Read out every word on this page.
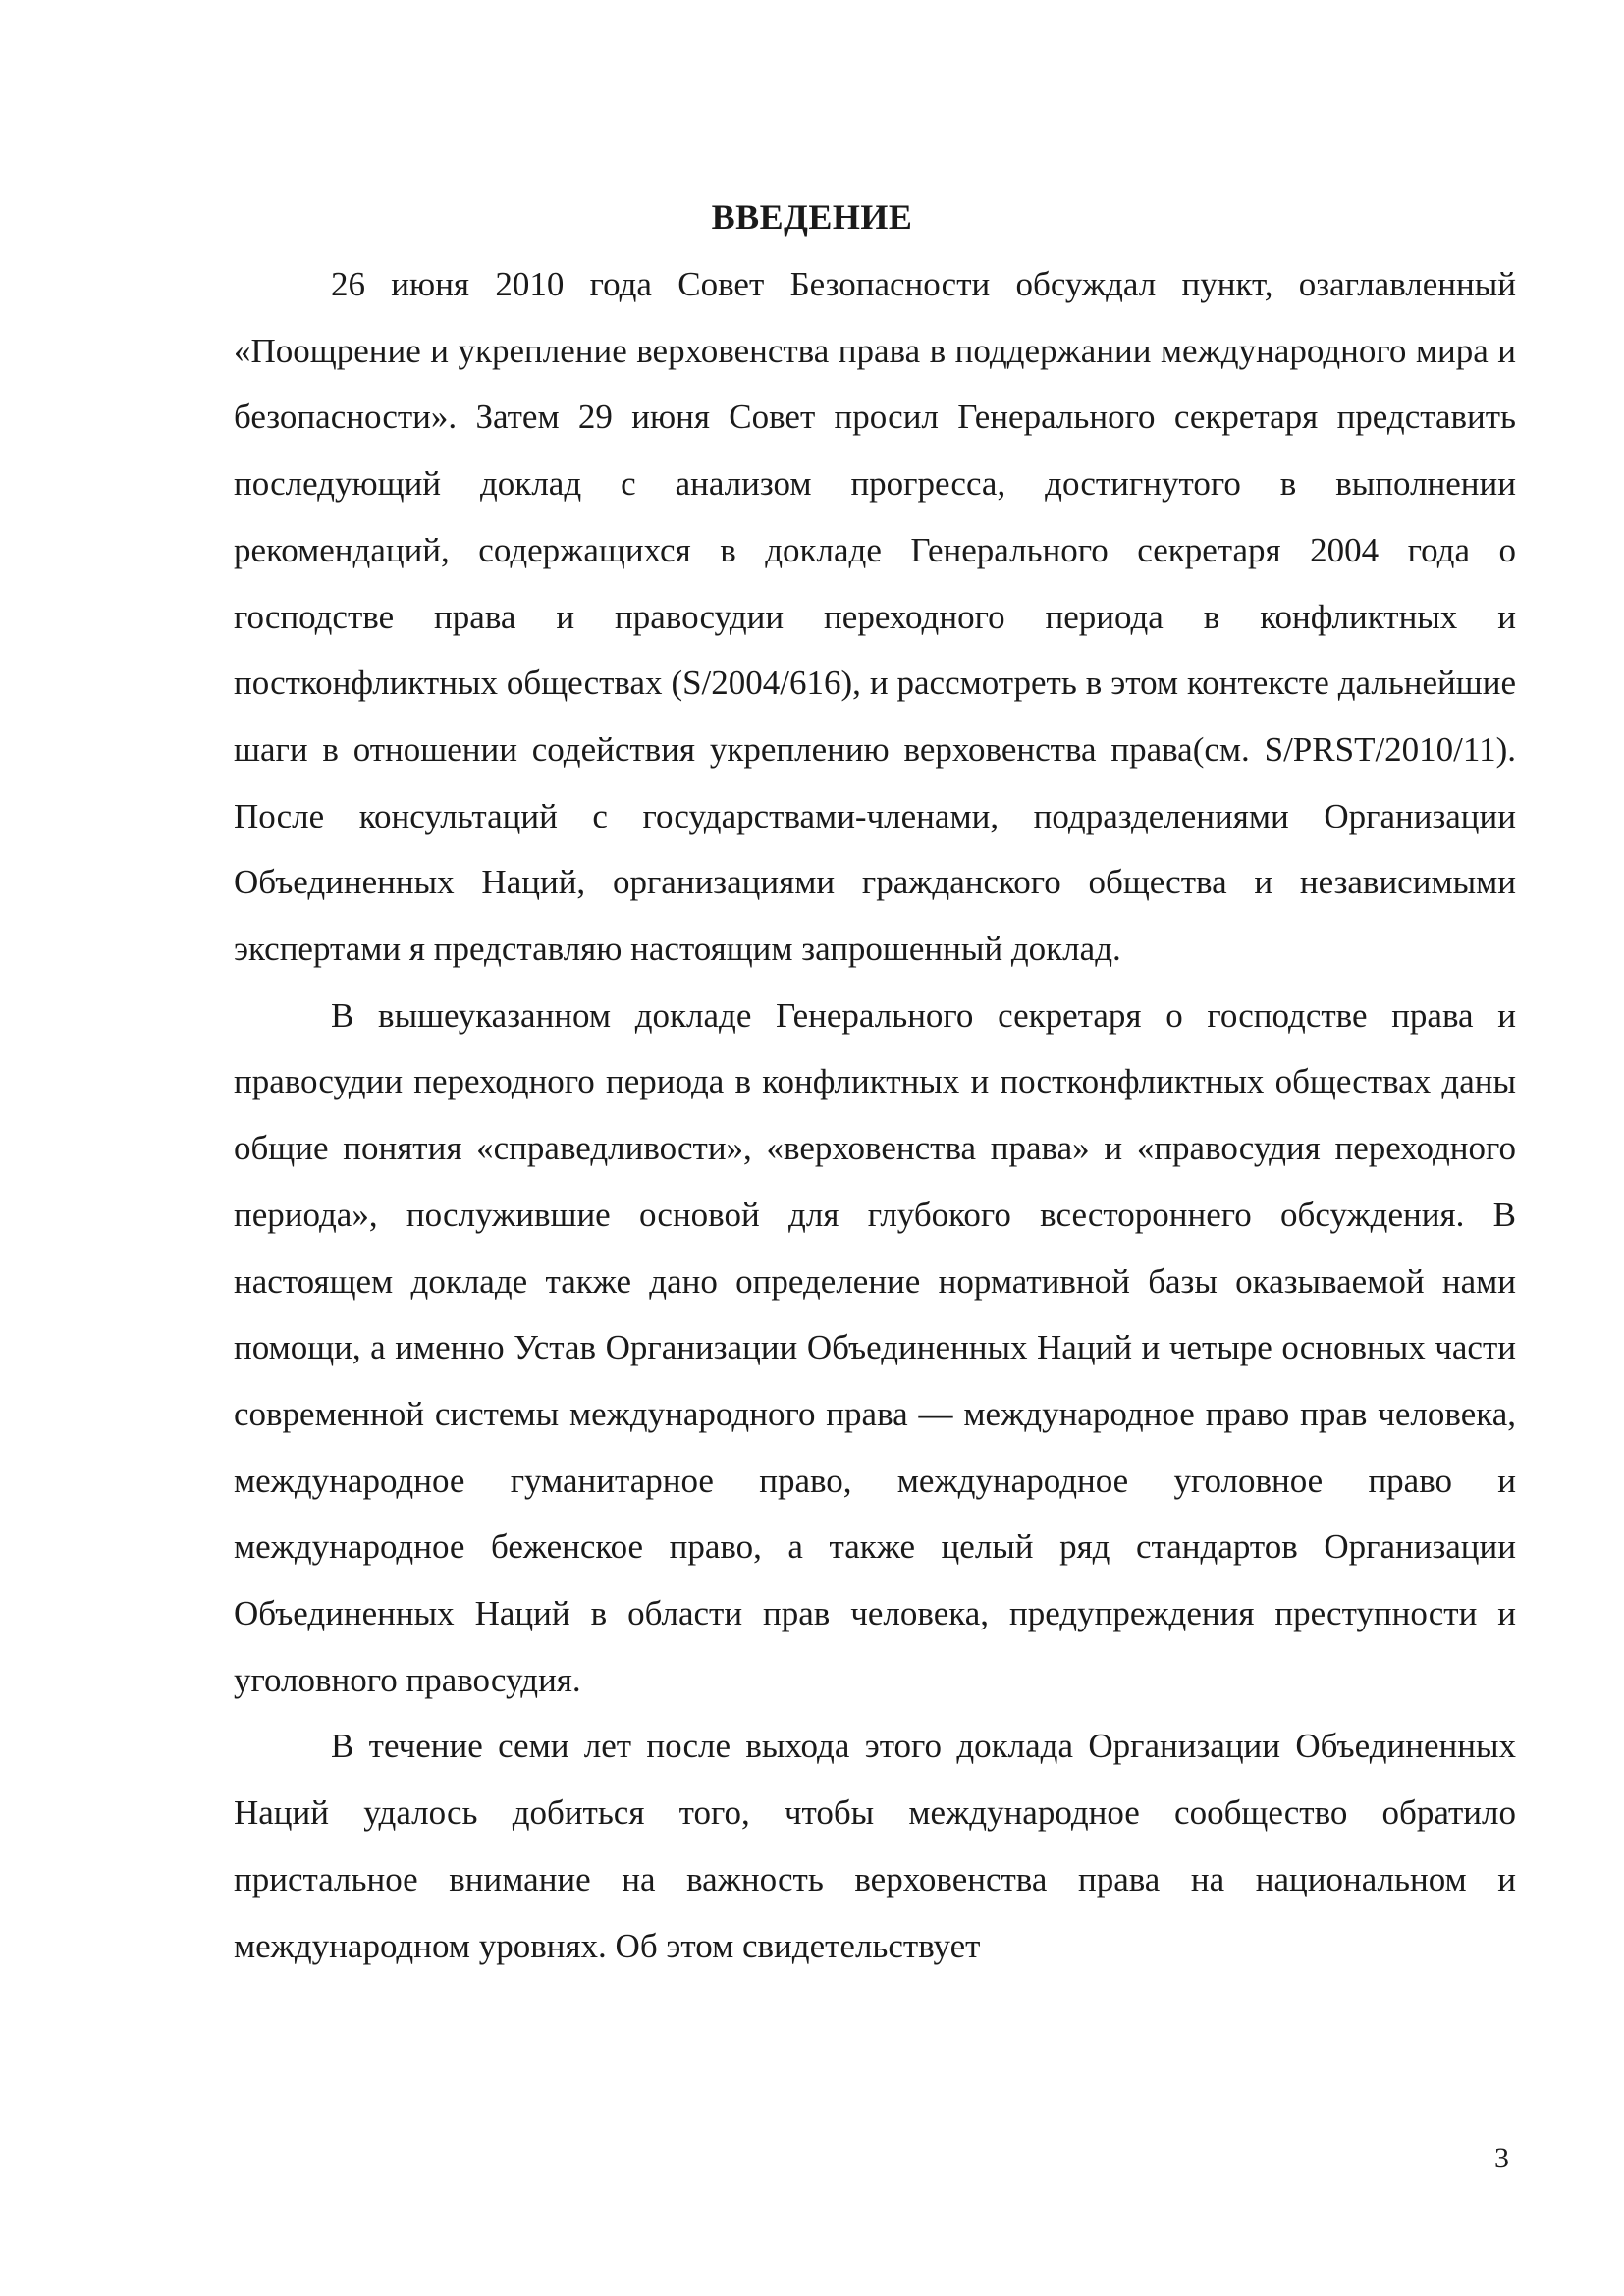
ВВЕДЕНИЕ

26 июня 2010 года Совет Безопасности обсуждал пункт, озаглавленный «Поощрение и укрепление верховенства права в поддержании международного мира и безопасности». Затем 29 июня Совет просил Генерального секретаря представить последующий доклад с анализом прогресса, достигнутого в выполнении рекомендаций, содержащихся в докладе Генерального секретаря 2004 года о господстве права и правосудии переходного периода в конфликтных и постконфликтных обществах (S/2004/616), и рассмотреть в этом контексте дальнейшие шаги в отношении содействия укреплению верховенства права(см. S/PRST/2010/11). После консультаций с государствами-членами, подразделениями Организации Объединенных Наций, организациями гражданского общества и независимыми экспертами я представляю настоящим запрошенный доклад.

В вышеуказанном докладе Генерального секретаря о господстве права и правосудии переходного периода в конфликтных и постконфликтных обществах даны общие понятия «справедливости», «верховенства права» и «правосудия переходного периода», послужившие основой для глубокого всестороннего обсуждения. В настоящем докладе также дано определение нормативной базы оказываемой нами помощи, а именно Устав Организации Объединенных Наций и четыре основных части современной системы международного права — международное право прав человека, международное гуманитарное право, международное уголовное право и международное беженское право, а также целый ряд стандартов Организации Объединенных Наций в области прав человека, предупреждения преступности и уголовного правосудия.

В течение семи лет после выхода этого доклада Организации Объединенных Наций удалось добиться того, чтобы международное сообщество обратило пристальное внимание на важность верховенства права на национальном и международном уровнях. Об этом свидетельствует

3
